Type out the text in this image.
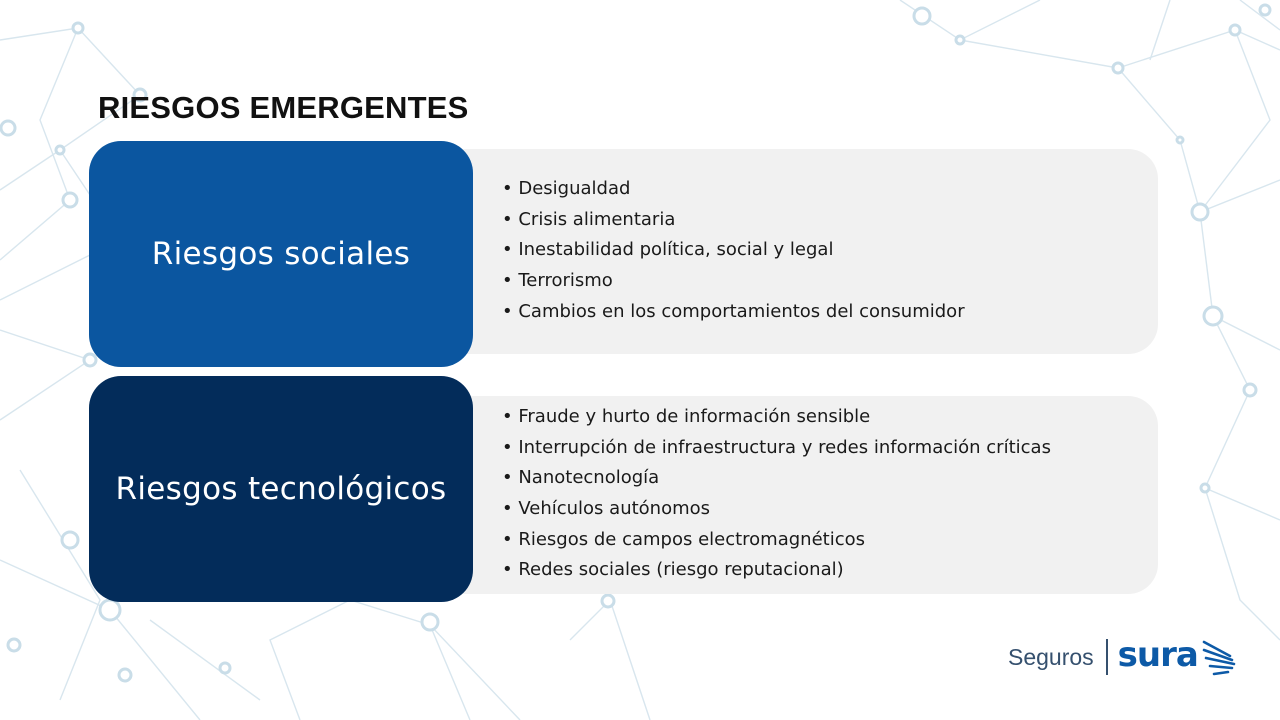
RIESGOS EMERGENTES
Riesgos sociales
Riesgos tecnológicos
• Desigualdad
• Crisis alimentaria
• Inestabilidad política, social y legal
• Terrorismo
• Cambios en los comportamientos del consumidor
• Fraude y hurto de información sensible
• Interrupción de infraestructura y redes información críticas
• Nanotecnología
• Vehículos autónomos
• Riesgos de campos electromagnéticos
• Redes sociales (riesgo reputacional)
Seguros sura
